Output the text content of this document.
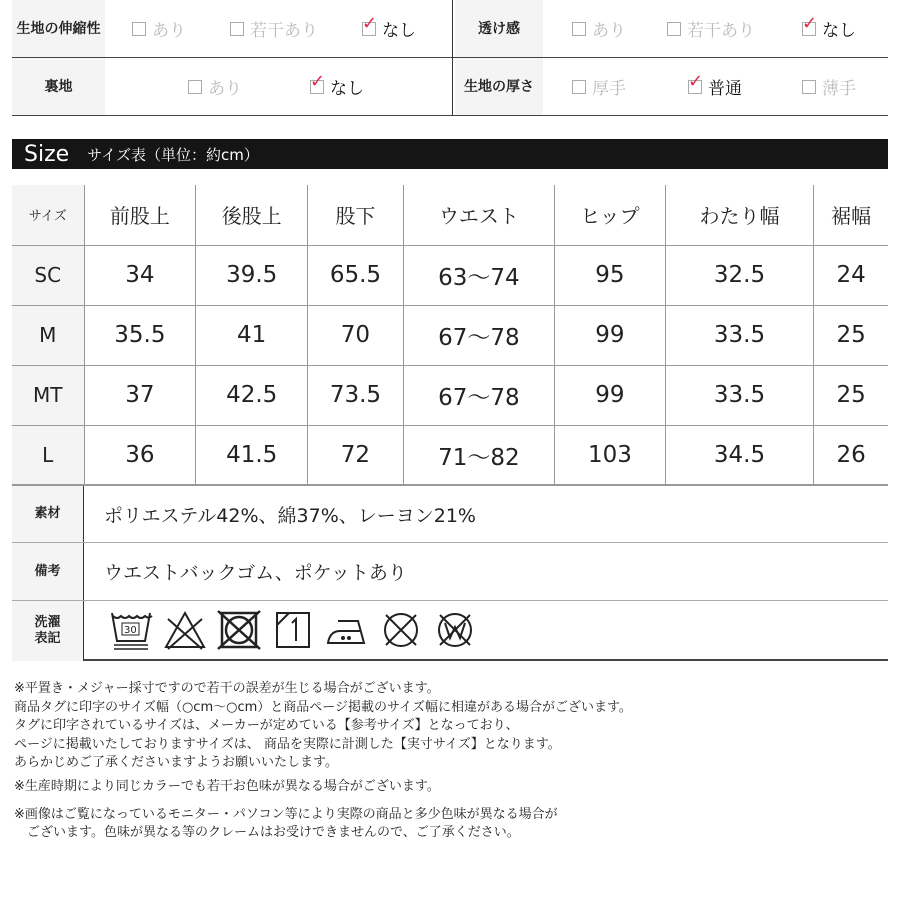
生地の伸縮性	あり	若干あり ✓ なし	透け感	あり	若干あり	✓ なし
裏地	あり	✓ なし	生地の厚さ	厚手	✓ 普通	薄手
Size サイズ表（単位：約cm）
サイズ	前股上	後股上	股下	ウエスト	ヒップ	わたり幅	裾幅
SC	34	39.5	65.5	63～74	95	32.5	24
M	35.5	41	70	67～78	99	33.5	25
MT	37	42.5	73.5	67～78	99	33.5	25
L	36	41.5	72	71～82	103	34.5	26
素材	ポリエステル42%、綿37%、レーヨン21%
備考	ウエストバックゴム、ポケットあり
洗濯表記
30

※平置き・メジャー採寸ですので若干の誤差が生じる場合がございます。

商品タグに印字のサイズ幅（○cm～○cm）と商品ページ掲載のサイズ幅に相違がある場合がございます。

タグに印字されているサイズは、メーカーが定めている【参考サイズ】となっており、

ページに掲載いたしておりますサイズは、 商品を実際に計測した【実寸サイズ】となります。

あらかじめご了承くださいますようお願いいたします。

※生産時期により同じカラーでも若干お色味が異なる場合がございます。

※画像はご覧になっているモニター・パソコン等により実際の商品と多少色味が異なる場合が

　ございます。色味が異なる等のクレームはお受けできませんので、ご了承ください。
